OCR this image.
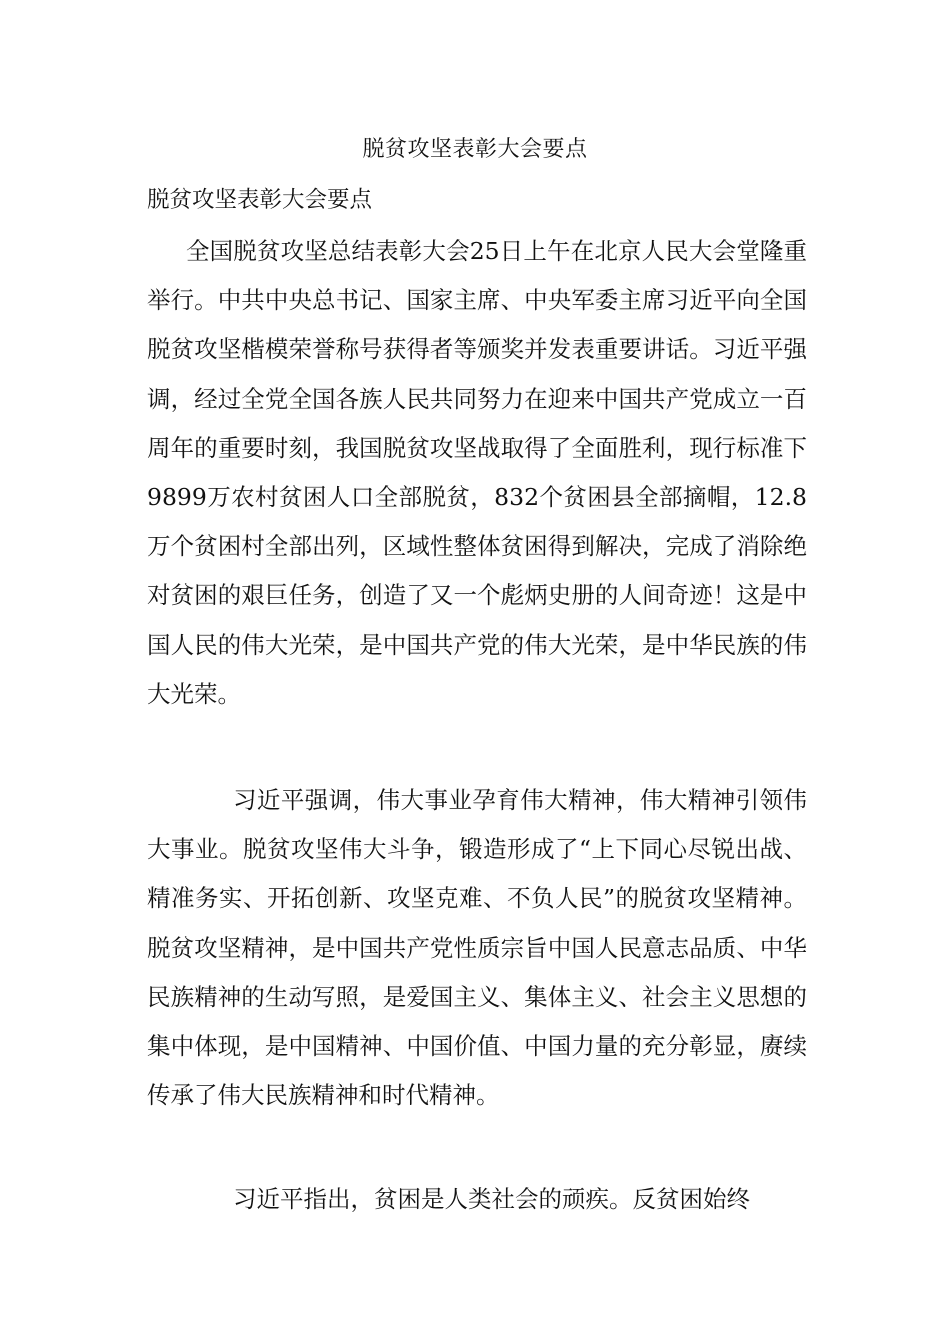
脱贫攻坚表彰大会要点

脱贫攻坚表彰大会要点

全国脱贫攻坚总结表彰大会25日上午在北京人民大会堂隆重举行。中共中央总书记、国家主席、中央军委主席习近平向全国脱贫攻坚楷模荣誉称号获得者等颁奖并发表重要讲话。习近平强调，经过全党全国各族人民共同努力在迎来中国共产党成立一百周年的重要时刻，我国脱贫攻坚战取得了全面胜利，现行标准下9899万农村贫困人口全部脱贫，832个贫困县全部摘帽，12.8万个贫困村全部出列，区域性整体贫困得到解决，完成了消除绝对贫困的艰巨任务，创造了又一个彪炳史册的人间奇迹！这是中国人民的伟大光荣，是中国共产党的伟大光荣，是中华民族的伟大光荣。

习近平强调，伟大事业孕育伟大精神，伟大精神引领伟大事业。脱贫攻坚伟大斗争，锻造形成了“上下同心尽锐出战、精准务实、开拓创新、攻坚克难、不负人民”的脱贫攻坚精神。脱贫攻坚精神，是中国共产党性质宗旨中国人民意志品质、中华民族精神的生动写照，是爱国主义、集体主义、社会主义思想的集中体现，是中国精神、中国价值、中国力量的充分彰显，赓续传承了伟大民族精神和时代精神。

习近平指出，贫困是人类社会的顽疾。反贫困始终
